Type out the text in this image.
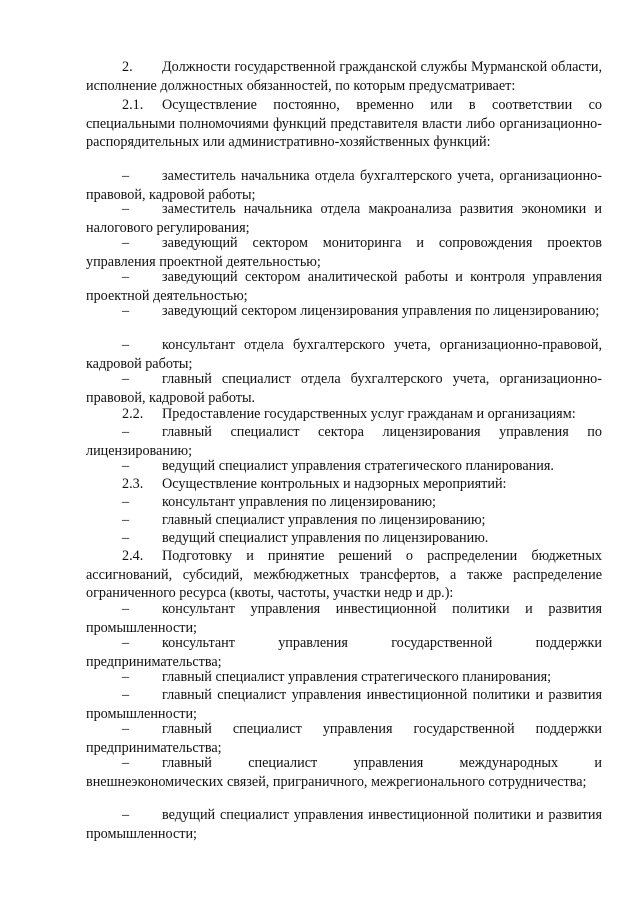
2. Должности государственной гражданской службы Мурманской области, исполнение должностных обязанностей, по которым предусматривает:

2.1. Осуществление постоянно, временно или в соответствии со специальными полномочиями функций представителя власти либо организационно-распорядительных или административно-хозяйственных функций:

– заместитель начальника отдела бухгалтерского учета, организационно-правовой, кадровой работы;

– заместитель начальника отдела макроанализа развития экономики и налогового регулирования;

– заведующий сектором мониторинга и сопровождения проектов управления проектной деятельностью;

– заведующий сектором аналитической работы и контроля управления проектной деятельностью;

– заведующий сектором лицензирования управления по лицензированию;

– консультант отдела бухгалтерского учета, организационно-правовой, кадровой работы;

– главный специалист отдела бухгалтерского учета, организационно-правовой, кадровой работы.

2.2. Предоставление государственных услуг гражданам и организациям:

– главный специалист сектора лицензирования управления по лицензированию;

– ведущий специалист управления стратегического планирования.

2.3. Осуществление контрольных и надзорных мероприятий:

– консультант управления по лицензированию;

– главный специалист управления по лицензированию;

– ведущий специалист управления по лицензированию.

2.4. Подготовку и принятие решений о распределении бюджетных ассигнований, субсидий, межбюджетных трансфертов, а также распределение ограниченного ресурса (квоты, частоты, участки недр и др.):

– консультант управления инвестиционной политики и развития промышленности;

– консультант управления государственной поддержки предпринимательства;

– главный специалист управления стратегического планирования;

– главный специалист управления инвестиционной политики и развития промышленности;

– главный специалист управления государственной поддержки предпринимательства;

– главный специалист управления международных и внешнеэкономических связей, приграничного, межрегионального сотрудничества;

– ведущий специалист управления инвестиционной политики и развития промышленности;
